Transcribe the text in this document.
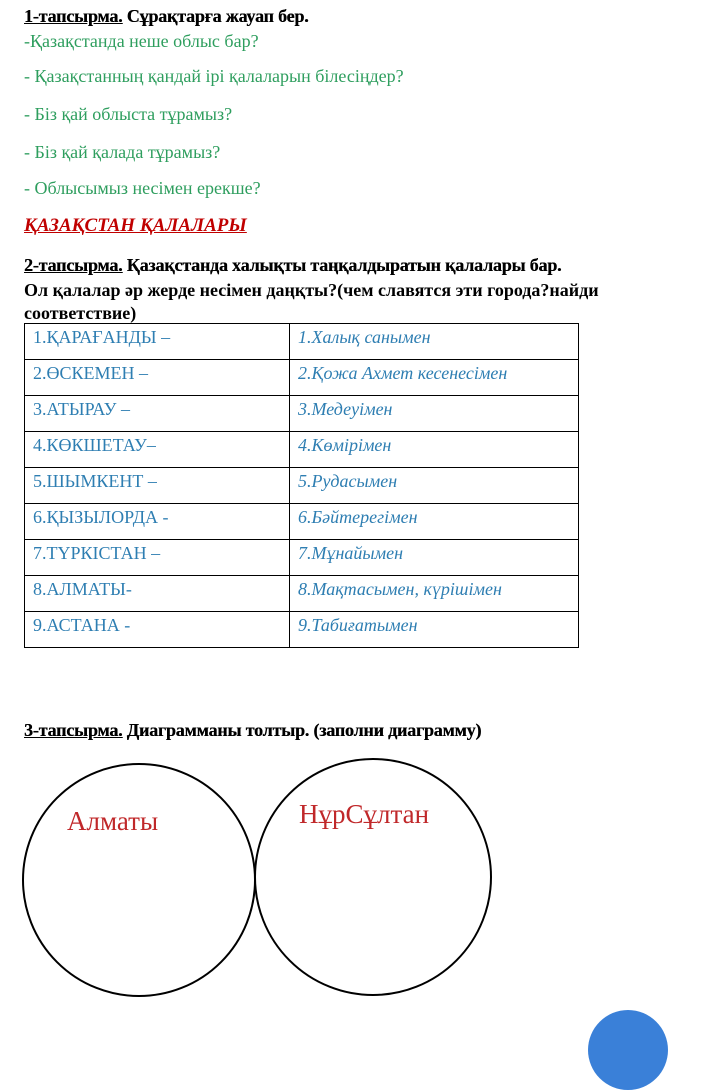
1-тапсырма. Сұрақтарға жауап бер.
-Қазақстанда неше облыс бар?
- Қазақстанның қандай ірі қалаларын білесіңдер?
- Біз қай облыста тұрамыз?
- Біз қай қалада тұрамыз?
- Облысымыз несімен ерекше?
ҚАЗАҚСТАН ҚАЛАЛАРЫ
2-тапсырма. Қазақстанда халықты таңқалдыратын қалалары бар.
Ол қалалар әр жерде несімен даңқты?(чем славятся эти города?найди
соответствие)
1.ҚАРАҒАНДЫ –	1.Халық санымен
2.ӨСКЕМЕН –	2.Қожа Ахмет кесенесімен
3.АТЫРАУ –	3.Медеуімен
4.КӨКШЕТАУ–	4.Көмірімен
5.ШЫМКЕНТ –	5.Рудасымен
6.ҚЫЗЫЛОРДА -	6.Бәйтерегімен
7.ТҮРКІСТАН –	7.Мұнайымен
8.АЛМАТЫ-	8.Мақтасымен, күрішімен
9.АСТАНА -	9.Табиғатымен
3-тапсырма. Диаграмманы толтыр. (заполни диаграмму)
Алматы	НұрСұлтан
